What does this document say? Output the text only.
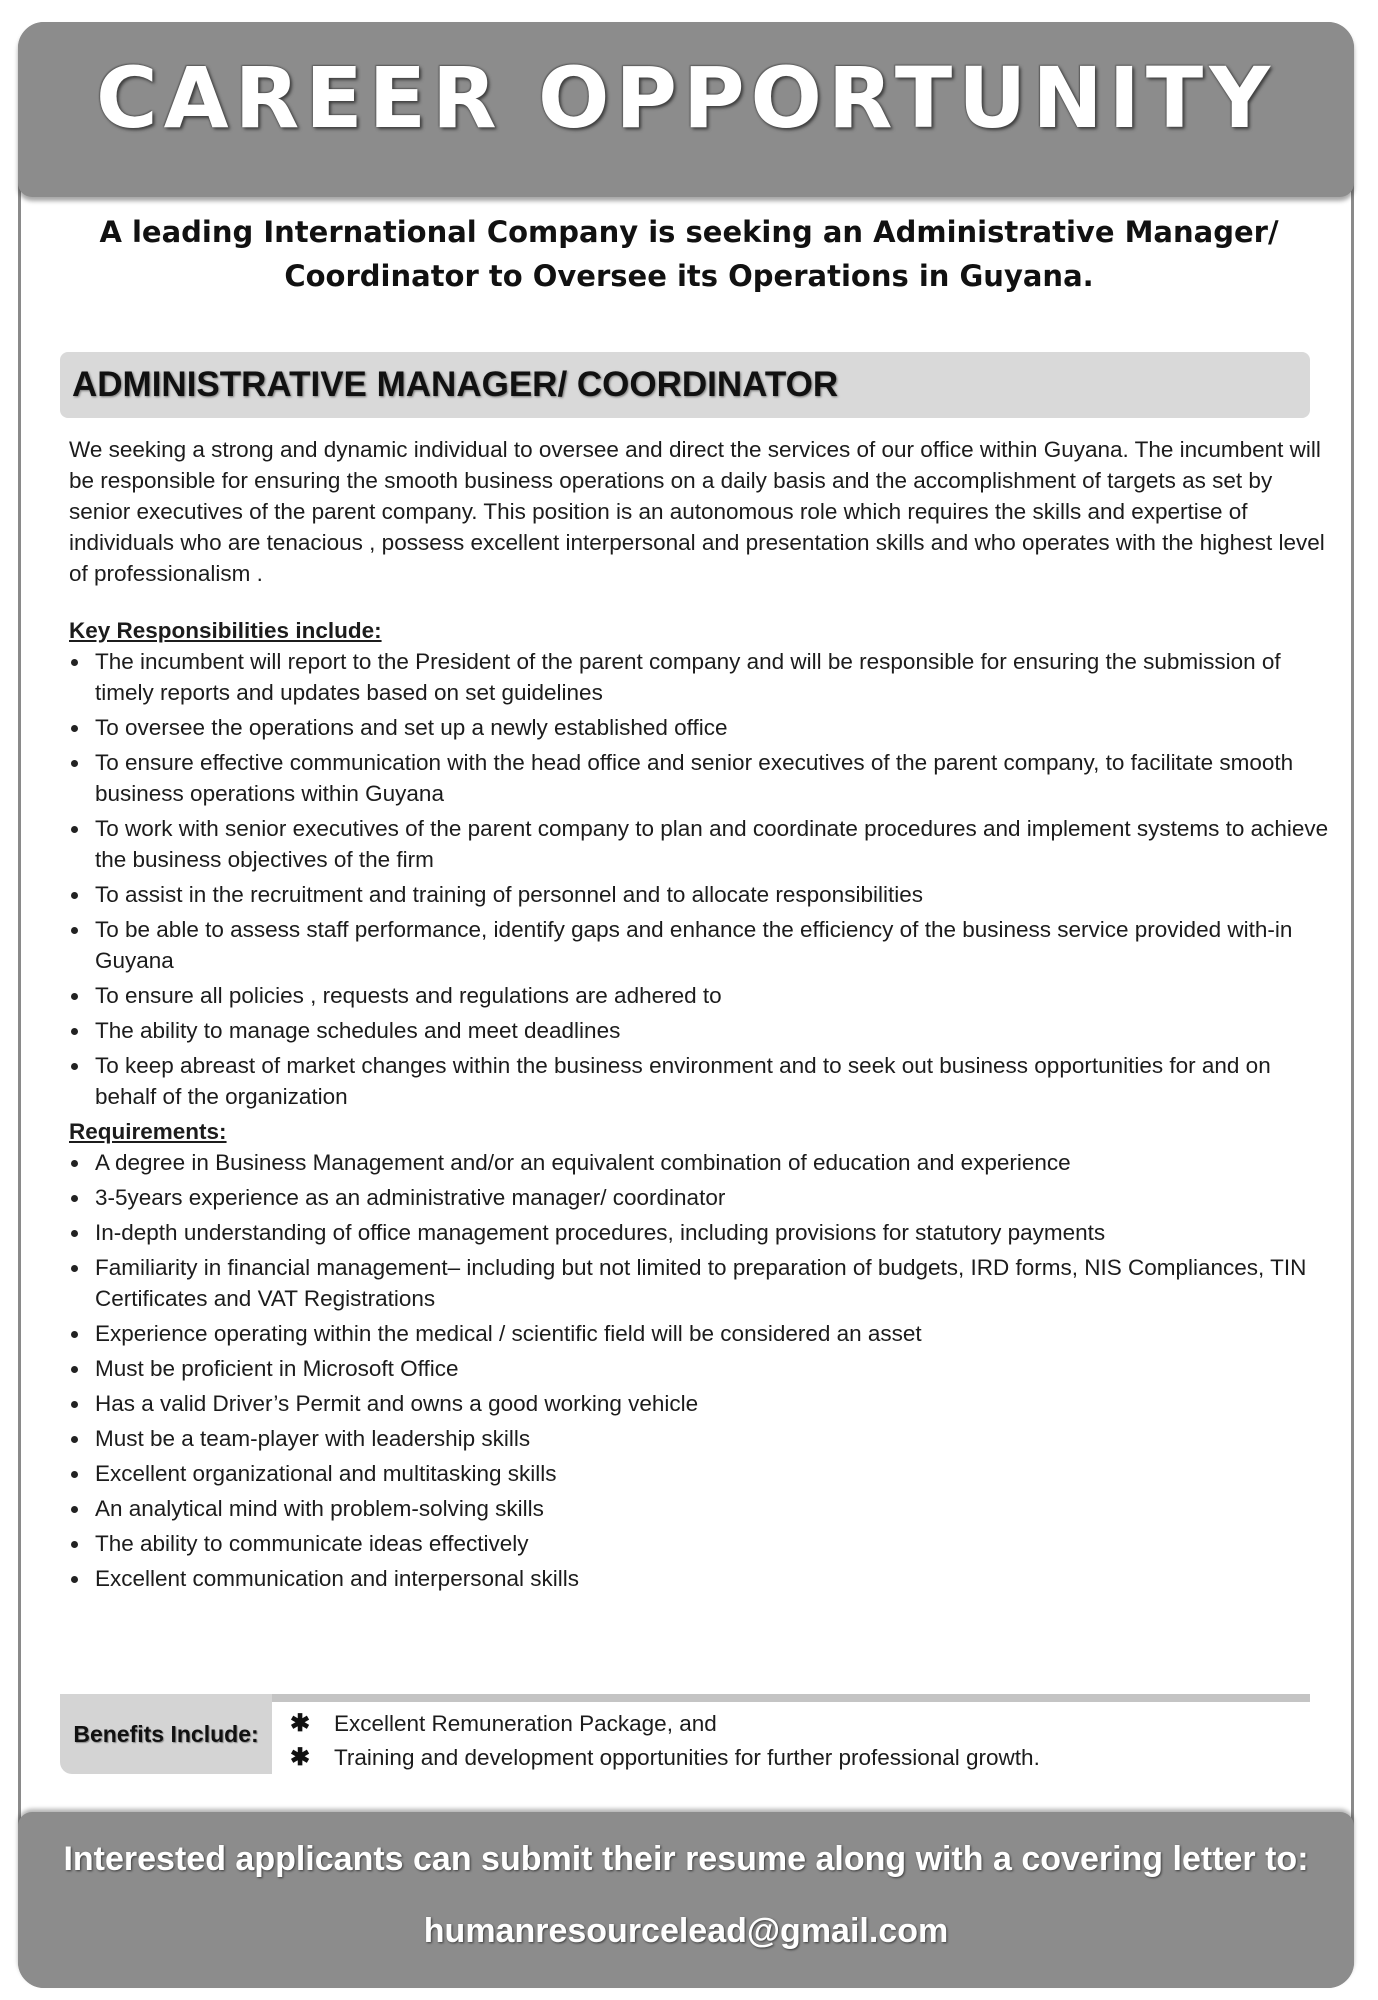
CAREER OPPORTUNITY
A leading International Company is seeking an Administrative Manager/
Coordinator to Oversee its Operations in Guyana.
ADMINISTRATIVE MANAGER/ COORDINATOR

We seeking a strong and dynamic individual to oversee and direct the services of our office within Guyana. The incumbent will be responsible for ensuring the smooth business operations on a daily basis and the accomplishment of targets as set by senior executives of the parent company. This position is an autonomous role which requires the skills and expertise of individuals who are tenacious , possess excellent interpersonal and presentation skills and who operates with the highest level of professionalism .

Key Responsibilities include:
The incumbent will report to the President of the parent company and will be responsible for ensuring the submission of timely reports and updates based on set guidelines
To oversee the operations and set up a newly established office
To ensure effective communication with the head office and senior executives of the parent company, to facilitate smooth business operations within Guyana
To work with senior executives of the parent company to plan and coordinate procedures and implement systems to achieve the business objectives of the firm
To assist in the recruitment and training of personnel and to allocate responsibilities
To be able to assess staff performance, identify gaps and enhance the efficiency of the business service provided with-in Guyana
To ensure all policies , requests and regulations are adhered to
The ability to manage schedules and meet deadlines
To keep abreast of market changes within the business environment and to seek out business opportunities for and on behalf of the organization
Requirements:
A degree in Business Management and/or an equivalent combination of education and experience
3-5years experience as an administrative manager/ coordinator
In-depth understanding of office management procedures, including provisions for statutory payments
Familiarity in financial management– including but not limited to preparation of budgets, IRD forms, NIS Compliances, TIN Certificates and VAT Registrations
Experience operating within the medical / scientific field will be considered an asset
Must be proficient in Microsoft Office
Has a valid Driver’s Permit and owns a good working vehicle
Must be a team-player with leadership skills
Excellent organizational and multitasking skills
An analytical mind with problem-solving skills
The ability to communicate ideas effectively
Excellent communication and interpersonal skills
Benefits Include: ✱	Excellent Remuneration Package, and
✱	Training and development opportunities for further professional growth.
Interested applicants can submit their resume along with a covering letter to:
humanresourcelead@gmail.com
